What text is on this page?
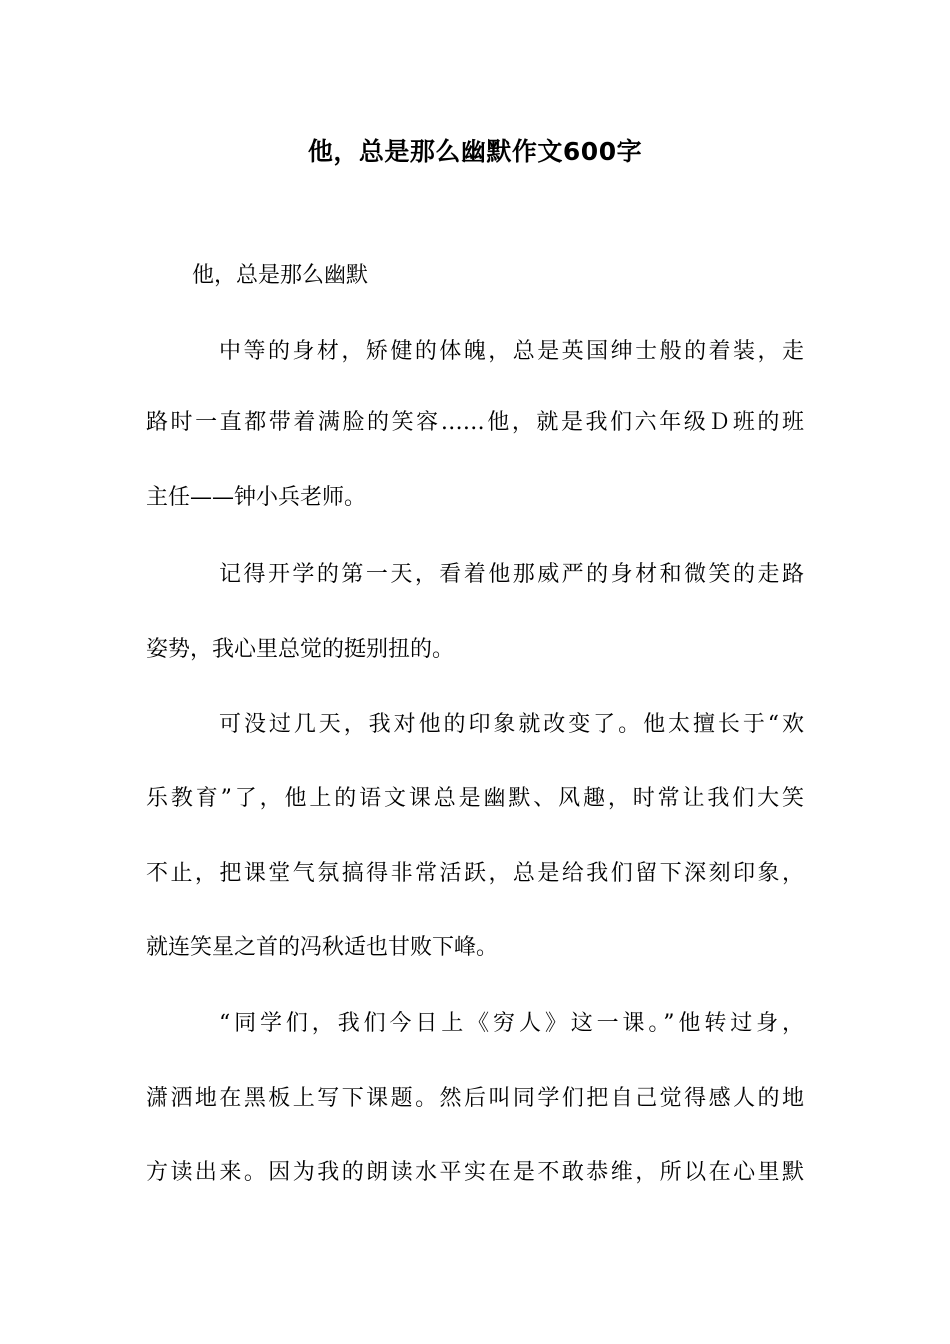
他，总是那么幽默作文600字
他，总是那么幽默
中等的身材，矫健的体魄，总是英国绅士般的着装，走
路时一直都带着满脸的笑容……他，就是我们六年级Ｄ班的班
主任——钟小兵老师。
记得开学的第一天，看着他那威严的身材和微笑的走路
姿势，我心里总觉的挺别扭的。
可没过几天，我对他的印象就改变了。他太擅长于“欢
乐教育”了，他上的语文课总是幽默、风趣，时常让我们大笑
不止，把课堂气氛搞得非常活跃，总是给我们留下深刻印象，
就连笑星之首的冯秋适也甘败下峰。
“同学们，我们今日上《穷人》这一课。”他转过身，
潇洒地在黑板上写下课题。然后叫同学们把自己觉得感人的地
方读出来。因为我的朗读水平实在是不敢恭维，所以在心里默
